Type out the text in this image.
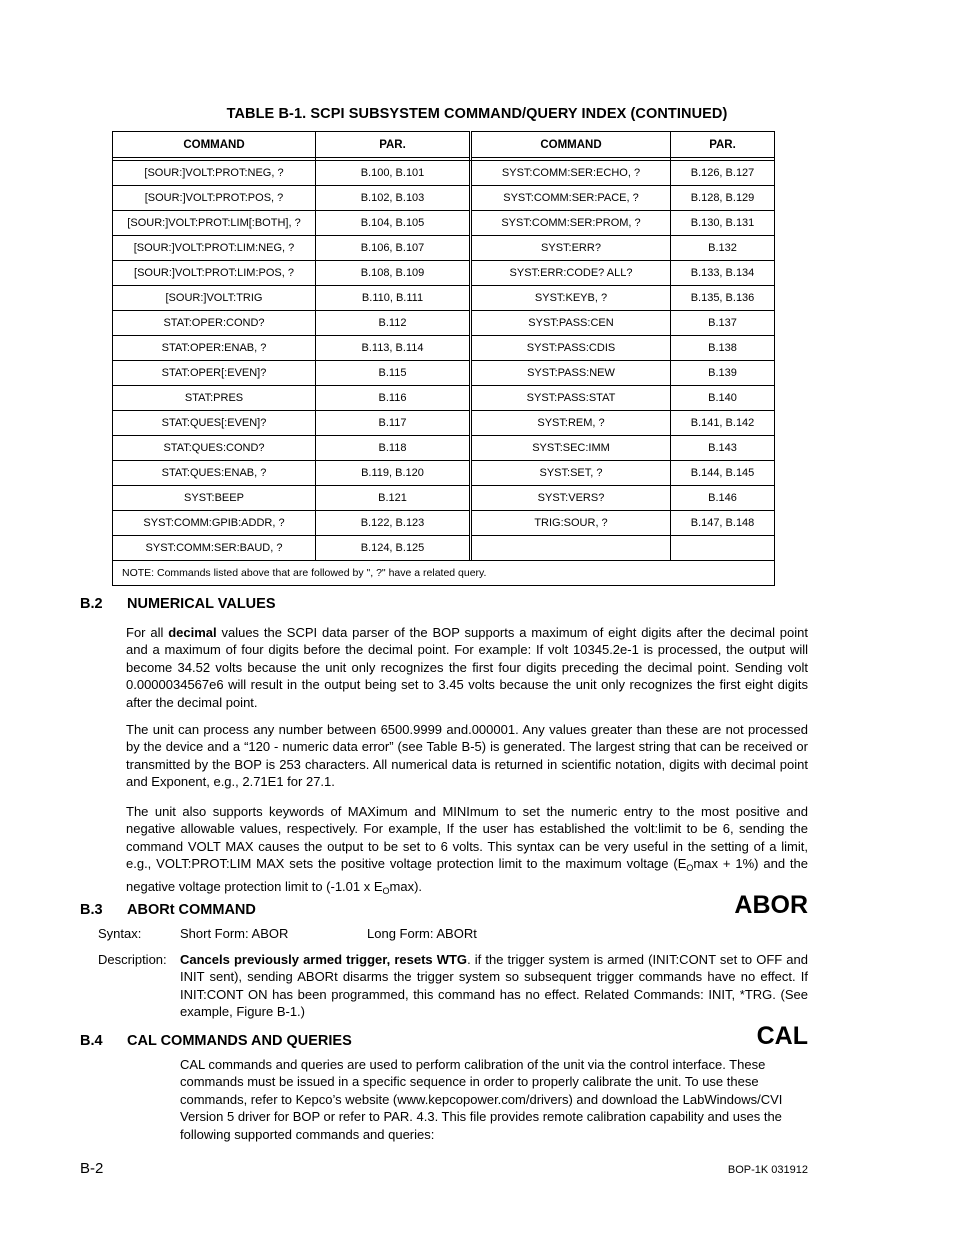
TABLE B-1. SCPI SUBSYSTEM COMMAND/QUERY INDEX (CONTINUED)
COMMAND	PAR.		COMMAND	PAR.

[SOUR:]VOLT:PROT:NEG, ?	B.100, B.101		SYST:COMM:SER:ECHO, ?	B.126, B.127
[SOUR:]VOLT:PROT:POS, ?	B.102, B.103		SYST:COMM:SER:PACE, ?	B.128, B.129
[SOUR:]VOLT:PROT:LIM[:BOTH], ?	B.104, B.105		SYST:COMM:SER:PROM, ?	B.130, B.131
[SOUR:]VOLT:PROT:LIM:NEG, ?	B.106, B.107		SYST:ERR?	B.132
[SOUR:]VOLT:PROT:LIM:POS, ?	B.108, B.109		SYST:ERR:CODE? ALL?	B.133, B.134
[SOUR:]VOLT:TRIG	B.110, B.111		SYST:KEYB, ?	B.135, B.136
STAT:OPER:COND?	B.112		SYST:PASS:CEN	B.137
STAT:OPER:ENAB, ?	B.113, B.114		SYST:PASS:CDIS	B.138
STAT:OPER[:EVEN]?	B.115		SYST:PASS:NEW	B.139
STAT:PRES	B.116		SYST:PASS:STAT	B.140
STAT:QUES[:EVEN]?	B.117		SYST:REM, ?	B.141, B.142
STAT:QUES:COND?	B.118		SYST:SEC:IMM	B.143
STAT:QUES:ENAB, ?	B.119, B.120		SYST:SET, ?	B.144, B.145
SYST:BEEP	B.121		SYST:VERS?	B.146
SYST:COMM:GPIB:ADDR, ?	B.122, B.123		TRIG:SOUR, ?	B.147, B.148
SYST:COMM:SER:BAUD, ?	B.124, B.125			
NOTE: Commands listed above that are followed by ", ?" have a related query.				
B.2 NUMERICAL VALUES

For all decimal values the SCPI data parser of the BOP supports a maximum of eight digits after the decimal point and a maximum of four digits before the decimal point. For example: If volt 10345.2e-1 is processed, the output will become 34.52 volts because the unit only recognizes the first four digits preceding the decimal point. Sending volt 0.0000034567e6 will result in the output being set to 3.45 volts because the unit only recognizes the first eight digits after the decimal point.

The unit can process any number between 6500.9999 and.000001. Any values greater than these are not processed by the device and a “120 - numeric data error” (see Table B-5) is generated. The largest string that can be received or transmitted by the BOP is 253 characters. All numerical data is returned in scientific notation, digits with decimal point and Exponent, e.g., 2.71E1 for 27.1.

The unit also supports keywords of MAXimum and MINImum to set the numeric entry to the most positive and negative allowable values, respectively. For example, If the user has established the volt:limit to be 6, sending the command VOLT MAX causes the output to be set to 6 volts. This syntax can be very useful in the setting of a limit, e.g., VOLT:PROT:LIM MAX sets the positive voltage protection limit to the maximum voltage $(E_O\max + 1\%)$ and the negative voltage protection limit to (-1.01 x $E_O\max$).

B.3 ABORt COMMAND	ABOR
Syntax:	Short Form: ABOR	Long Form: ABORt
Description: Cancels previously armed trigger, resets WTG. if the trigger system is armed (INIT:CONT set to OFF and INIT sent), sending ABORt disarms the trigger system so subsequent trigger commands have no effect. If INIT:CONT ON has been programmed, this command has no effect. Related Commands: INIT, *TRG. (See example, Figure B-1.)

B.4 CAL COMMANDS AND QUERIES	CAL

CAL commands and queries are used to perform calibration of the unit via the control interface. These commands must be issued in a specific sequence in order to properly calibrate the unit. To use these commands, refer to Kepco’s website (www.kepcopower.com/drivers) and download the LabWindows/CVI Version 5 driver for BOP or refer to PAR. 4.3. This file provides remote calibration capability and uses the following supported commands and queries:

B-2	BOP-1K 031912
